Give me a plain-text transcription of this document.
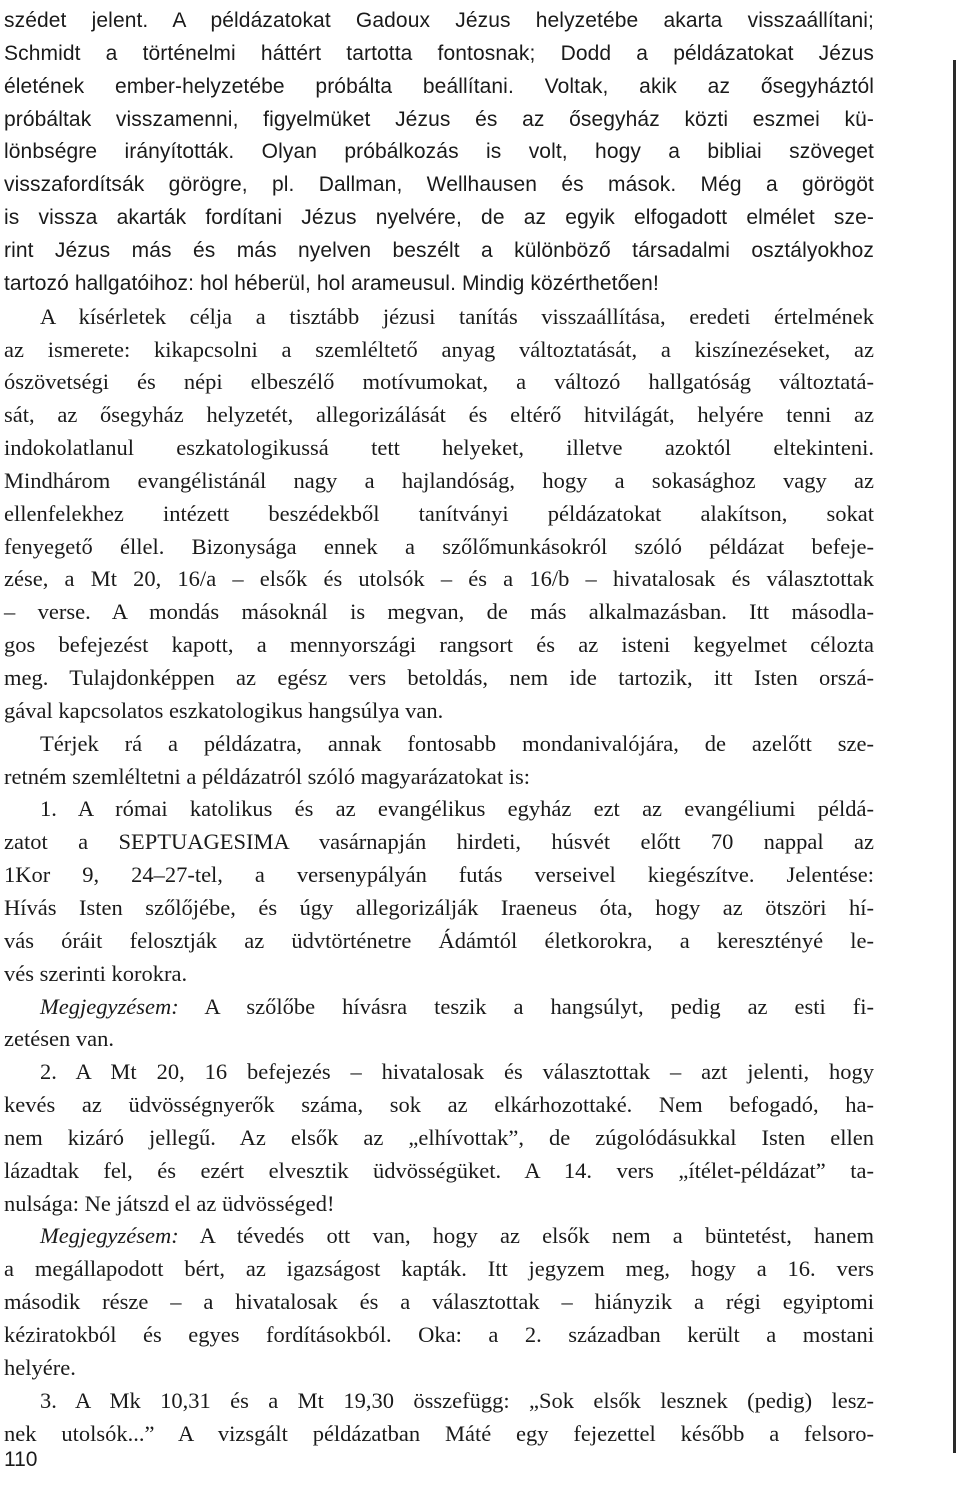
szédet jelent. A példázatokat Gadoux Jézus helyzetébe akarta visszaállítani;
Schmidt a történelmi háttért tartotta fontosnak; Dodd a példázatokat Jézus
életének ember-helyzetébe próbálta beállítani. Voltak, akik az ősegyháztól
próbáltak visszamenni, figyelmüket Jézus és az ősegyház közti eszmei kü-
lönbségre irányították. Olyan próbálkozás is volt, hogy a bibliai szöveget
visszafordítsák görögre, pl. Dallman, Wellhausen és mások. Még a görögöt
is vissza akarták fordítani Jézus nyelvére, de az egyik elfogadott elmélet sze-
rint Jézus más és más nyelven beszélt a különböző társadalmi osztályokhoz
tartozó hallgatóihoz: hol héberül, hol arameusul. Mindig közérthetően!
A kísérletek célja a tisztább jézusi tanítás visszaállítása, eredeti értelmének
az ismerete: kikapcsolni a szemléltető anyag változtatását, a kiszínezéseket, az
ószövetségi és népi elbeszélő motívumokat, a változó hallgatóság változtatá-
sát, az ősegyház helyzetét, allegorizálását és eltérő hitvilágát, helyére tenni az
indokolatlanul eszkatologikussá tett helyeket, illetve azoktól eltekinteni.
Mindhárom evangélistánál nagy a hajlandóság, hogy a sokasághoz vagy az
ellenfelekhez intézett beszédekből tanítványi példázatokat alakítson, sokat
fenyegető éllel. Bizonysága ennek a szőlőmunkásokról szóló példázat befeje-
zése, a Mt 20, 16/a – elsők és utolsók – és a 16/b – hivatalosak és választottak
– verse. A mondás másoknál is megvan, de más alkalmazásban. Itt másodla-
gos befejezést kapott, a mennyországi rangsort és az isteni kegyelmet célozta
meg. Tulajdonképpen az egész vers betoldás, nem ide tartozik, itt Isten orszá-
gával kapcsolatos eszkatologikus hangsúlya van.
Térjek rá a példázatra, annak fontosabb mondanivalójára, de azelőtt sze-
retném szemléltetni a példázatról szóló magyarázatokat is:
1. A római katolikus és az evangélikus egyház ezt az evangéliumi példá-
zatot a SEPTUAGESIMA vasárnapján hirdeti, húsvét előtt 70 nappal az
1Kor 9, 24–27-tel, a versenypályán futás verseivel kiegészítve. Jelentése:
Hívás Isten szőlőjébe, és úgy allegorizálják Iraeneus óta, hogy az ötszöri hí-
vás óráit felosztják az üdvtörténetre Ádámtól életkorokra, a keresztényé le-
vés szerinti korokra.
Megjegyzésem: A szőlőbe hívásra teszik a hangsúlyt, pedig az esti fi-
zetésen van.
2. A Mt 20, 16 befejezés – hivatalosak és választottak – azt jelenti, hogy
kevés az üdvösségnyerők száma, sok az elkárhozottaké. Nem befogadó, ha-
nem kizáró jellegű. Az elsők az „elhívottak”, de zúgolódásukkal Isten ellen
lázadtak fel, és ezért elvesztik üdvösségüket. A 14. vers „ítélet-példázat” ta-
nulsága: Ne játszd el az üdvösséged!
Megjegyzésem: A tévedés ott van, hogy az elsők nem a büntetést, hanem
a megállapodott bért, az igazságost kapták. Itt jegyzem meg, hogy a 16. vers
második része – a hivatalosak és a választottak – hiányzik a régi egyiptomi
kéziratokból és egyes fordításokból. Oka: a 2. században került a mostani
helyére.
3. A Mk 10,31 és a Mt 19,30 összefügg: „Sok elsők lesznek (pedig) lesz-
nek utolsók...” A vizsgált példázatban Máté egy fejezettel később a felsoro-
110
